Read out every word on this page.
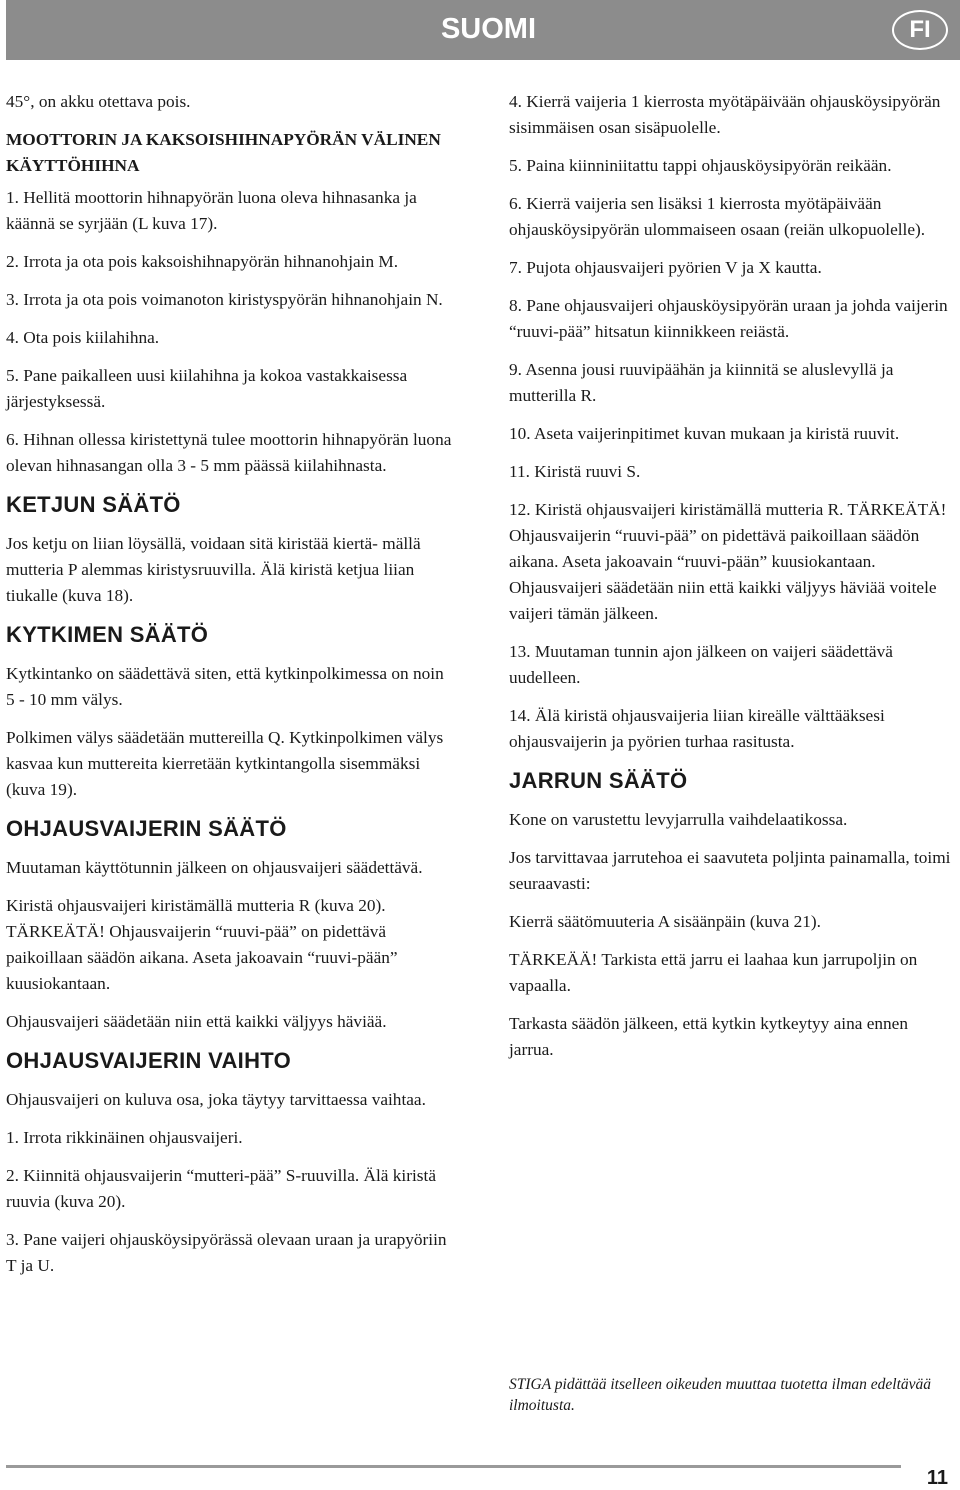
SUOMI	FI

45°, on akku otettava pois.

MOOTTORIN JA KAKSOISHIHNAPYÖRÄN VÄLINEN KÄYTTÖHIHNA

1. Hellitä moottorin hihnapyörän luona oleva hihnasanka ja käännä se syrjään (L kuva 17).

2. Irrota ja ota pois kaksoishihnapyörän hihnanohjain M.

3. Irrota ja ota pois voimanoton kiristyspyörän hihnanohjain N.

4. Ota pois kiilahihna.

5. Pane paikalleen uusi kiilahihna ja kokoa vastakkaisessa järjestyksessä.

6. Hihnan ollessa kiristettynä tulee moottorin hihnapyörän luona olevan hihnasangan olla 3 - 5 mm päässä kiilahihnasta.

KETJUN SÄÄTÖ

Jos ketju on liian löysällä, voidaan sitä kiristää kiertä- mällä mutteria P alemmas kiristysruuvilla. Älä kiristä ketjua liian tiukalle (kuva 18).

KYTKIMEN SÄÄTÖ

Kytkintanko on säädettävä siten, että kytkinpolkimessa on noin 5 - 10 mm välys.

Polkimen välys säädetään muttereilla Q. Kytkinpolkimen välys kasvaa kun muttereita kierretään kytkintangolla sisemmäksi (kuva 19).

OHJAUSVAIJERIN SÄÄTÖ

Muutaman käyttötunnin jälkeen on ohjausvaijeri säädettävä.

Kiristä ohjausvaijeri kiristämällä mutteria R (kuva 20). TÄRKEÄTÄ! Ohjausvaijerin “ruuvi-pää” on pidettävä paikoillaan säädön aikana. Aseta jakoavain “ruuvi-pään” kuusiokantaan.

Ohjausvaijeri säädetään niin että kaikki väljyys häviää.

OHJAUSVAIJERIN VAIHTO

Ohjausvaijeri on kuluva osa, joka täytyy tarvittaessa vaihtaa.

1. Irrota rikkinäinen ohjausvaijeri.

2. Kiinnitä ohjausvaijerin “mutteri-pää” S-ruuvilla. Älä kiristä ruuvia (kuva 20).

3. Pane vaijeri ohjausköysipyörässä olevaan uraan ja urapyöriin T ja U.

4. Kierrä vaijeria 1 kierrosta myötäpäivään ohjausköysipyörän sisimmäisen osan sisäpuolelle.

5. Paina kiinniniitattu tappi ohjausköysipyörän reikään.

6. Kierrä vaijeria sen lisäksi 1 kierrosta myötäpäivään ohjausköysipyörän ulommaiseen osaan (reiän ulkopuolelle).

7. Pujota ohjausvaijeri pyörien V ja X kautta.

8. Pane ohjausvaijeri ohjausköysipyörän uraan ja johda vaijerin “ruuvi-pää” hitsatun kiinnikkeen reiästä.

9. Asenna jousi ruuvipäähän ja kiinnitä se aluslevyllä ja mutterilla R.

10. Aseta vaijerinpitimet kuvan mukaan ja kiristä ruuvit.

11. Kiristä ruuvi S.

12. Kiristä ohjausvaijeri kiristämällä mutteria R. TÄRKEÄTÄ! Ohjausvaijerin “ruuvi-pää” on pidettävä paikoillaan säädön aikana. Aseta jakoavain “ruuvi-pään” kuusiokantaan. Ohjausvaijeri säädetään niin että kaikki väljyys häviää voitele vaijeri tämän jälkeen.

13. Muutaman tunnin ajon jälkeen on vaijeri säädettävä uudelleen.

14. Älä kiristä ohjausvaijeria liian kireälle välttääksesi ohjausvaijerin ja pyörien turhaa rasitusta.

JARRUN SÄÄTÖ

Kone on varustettu levyjarrulla vaihdelaatikossa.

Jos tarvittavaa jarrutehoa ei saavuteta poljinta painamalla, toimi seuraavasti:

Kierrä säätömuuteria A sisäänpäin (kuva 21).

TÄRKEÄÄ! Tarkista että jarru ei laahaa kun jarrupoljin on vapaalla.

Tarkasta säädön jälkeen, että kytkin kytkeytyy aina ennen jarrua.

STIGA pidättää itselleen oikeuden muuttaa tuotetta ilman edeltävää ilmoitusta.
11
